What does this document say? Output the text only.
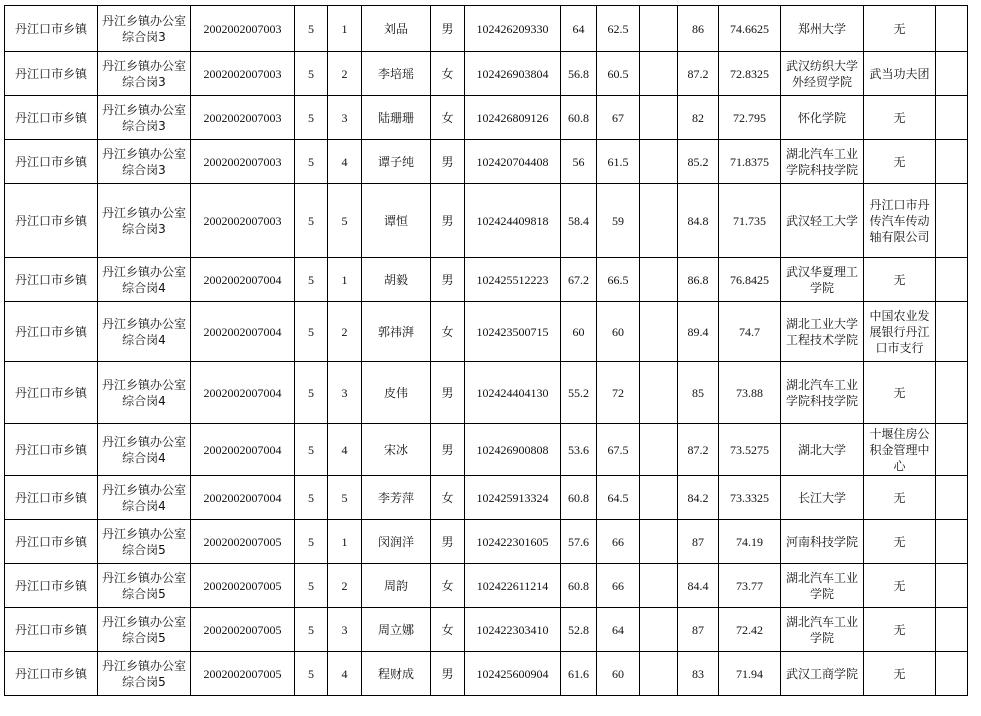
丹江口市乡镇	丹江乡镇办公室综合岗3	2002002007003	5	1	刘品	男	102426209330	64	62.5		86	74.6625	郑州大学	无	

丹江口市乡镇	丹江乡镇办公室综合岗3	2002002007003	5	2	李培瑶	女	102426903804	56.8	60.5		87.2	72.8325	武汉纺织大学外经贸学院	武当功夫团	

丹江口市乡镇	丹江乡镇办公室综合岗3	2002002007003	5	3	陆珊珊	女	102426809126	60.8	67		82	72.795	怀化学院	无	

丹江口市乡镇	丹江乡镇办公室综合岗3	2002002007003	5	4	谭子纯	男	102420704408	56	61.5		85.2	71.8375	湖北汽车工业学院科技学院	无	

丹江口市乡镇	丹江乡镇办公室综合岗3	2002002007003	5	5	谭恒	男	102424409818	58.4	59		84.8	71.735	武汉轻工大学	丹江口市丹传汽车传动轴有限公司	

丹江口市乡镇	丹江乡镇办公室综合岗4	2002002007004	5	1	胡毅	男	102425512223	67.2	66.5		86.8	76.8425	武汉华夏理工学院	无	

丹江口市乡镇	丹江乡镇办公室综合岗4	2002002007004	5	2	郭祎湃	女	102423500715	60	60		89.4	74.7	湖北工业大学工程技术学院	中国农业发展银行丹江口市支行	

丹江口市乡镇	丹江乡镇办公室综合岗4	2002002007004	5	3	皮伟	男	102424404130	55.2	72		85	73.88	湖北汽车工业学院科技学院	无	

丹江口市乡镇	丹江乡镇办公室综合岗4	2002002007004	5	4	宋冰	男	102426900808	53.6	67.5		87.2	73.5275	湖北大学	十堰住房公积金管理中心	

丹江口市乡镇	丹江乡镇办公室综合岗4	2002002007004	5	5	李芳萍	女	102425913324	60.8	64.5		84.2	73.3325	长江大学	无	

丹江口市乡镇	丹江乡镇办公室综合岗5	2002002007005	5	1	闵润洋	男	102422301605	57.6	66		87	74.19	河南科技学院	无	

丹江口市乡镇	丹江乡镇办公室综合岗5	2002002007005	5	2	周韵	女	102422611214	60.8	66		84.4	73.77	湖北汽车工业学院	无	

丹江口市乡镇	丹江乡镇办公室综合岗5	2002002007005	5	3	周立娜	女	102422303410	52.8	64		87	72.42	湖北汽车工业学院	无	

丹江口市乡镇	丹江乡镇办公室综合岗5	2002002007005	5	4	程财成	男	102425600904	61.6	60		83	71.94	武汉工商学院	无	
